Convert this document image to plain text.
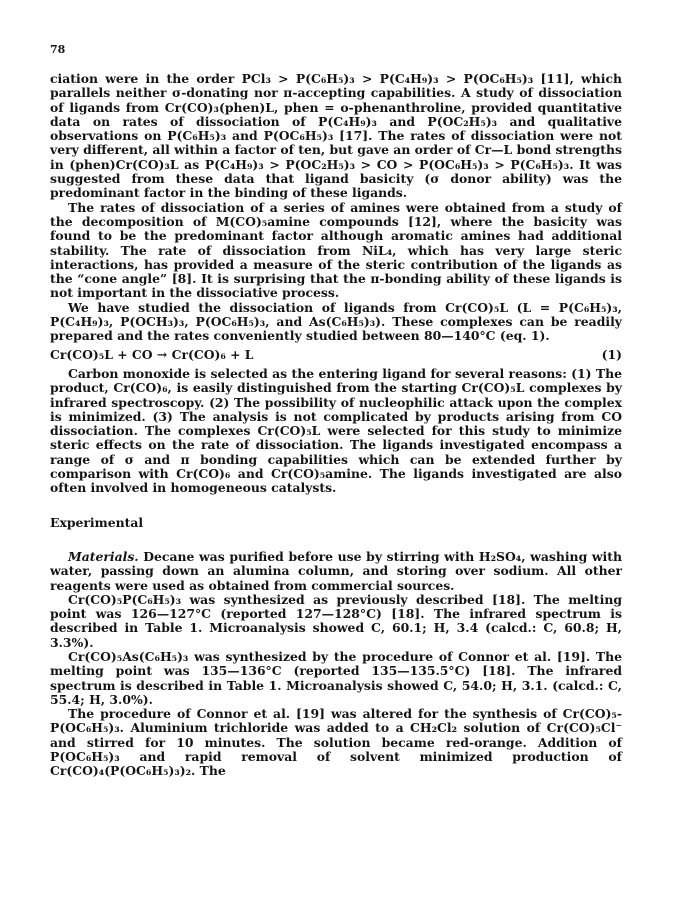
78

ciation were in the order PCl₃ > P(C₆H₅)₃ > P(C₄H₉)₃ > P(OC₆H₅)₃ [11], which parallels neither σ-donating nor π-accepting capabilities. A study of dissociation of ligands from Cr(CO)₃(phen)L, phen = o-phenanthroline, provided quantitative data on rates of dissociation of P(C₄H₉)₃ and P(OC₂H₅)₃ and qualitative observations on P(C₆H₅)₃ and P(OC₆H₅)₃ [17]. The rates of dissociation were not very different, all within a factor of ten, but gave an order of Cr—L bond strengths in (phen)Cr(CO)₃L as P(C₄H₉)₃ > P(OC₂H₅)₃ > CO > P(OC₆H₅)₃ > P(C₆H₅)₃. It was suggested from these data that ligand basicity (σ donor ability) was the predominant factor in the binding of these ligands.

The rates of dissociation of a series of amines were obtained from a study of the decomposition of M(CO)₅amine compounds [12], where the basicity was found to be the predominant factor although aromatic amines had additional stability. The rate of dissociation from NiL₄, which has very large steric interactions, has provided a measure of the steric contribution of the ligands as the “cone angle” [8]. It is surprising that the π-bonding ability of these ligands is not important in the dissociative process.

We have studied the dissociation of ligands from Cr(CO)₅L (L = P(C₆H₅)₃, P(C₄H₉)₃, P(OCH₃)₃, P(OC₆H₅)₃, and As(C₆H₅)₃). These complexes can be readily prepared and the rates conveniently studied between 80—140°C (eq. 1).

Cr(CO)₅L + CO → Cr(CO)₆ + L	(1)

Carbon monoxide is selected as the entering ligand for several reasons: (1) The product, Cr(CO)₆, is easily distinguished from the starting Cr(CO)₅L complexes by infrared spectroscopy. (2) The possibility of nucleophilic attack upon the complex is minimized. (3) The analysis is not complicated by products arising from CO dissociation. The complexes Cr(CO)₅L were selected for this study to minimize steric effects on the rate of dissociation. The ligands investigated encompass a range of σ and π bonding capabilities which can be extended further by comparison with Cr(CO)₆ and Cr(CO)₅amine. The ligands investigated are also often involved in homogeneous catalysts.

Experimental

Materials. Decane was purified before use by stirring with H₂SO₄, washing with water, passing down an alumina column, and storing over sodium. All other reagents were used as obtained from commercial sources.

Cr(CO)₅P(C₆H₅)₃ was synthesized as previously described [18]. The melting point was 126—127°C (reported 127—128°C) [18]. The infrared spectrum is described in Table 1. Microanalysis showed C, 60.1; H, 3.4 (calcd.: C, 60.8; H, 3.3%).

Cr(CO)₅As(C₆H₅)₃ was synthesized by the procedure of Connor et al. [19]. The melting point was 135—136°C (reported 135—135.5°C) [18]. The infrared spectrum is described in Table 1. Microanalysis showed C, 54.0; H, 3.1. (calcd.: C, 55.4; H, 3.0%).

The procedure of Connor et al. [19] was altered for the synthesis of Cr(CO)₅-P(OC₆H₅)₃. Aluminium trichloride was added to a CH₂Cl₂ solution of Cr(CO)₅Cl⁻ and stirred for 10 minutes. The solution became red-orange. Addition of P(OC₆H₅)₃ and rapid removal of solvent minimized production of Cr(CO)₄(P(OC₆H₅)₃)₂. The
